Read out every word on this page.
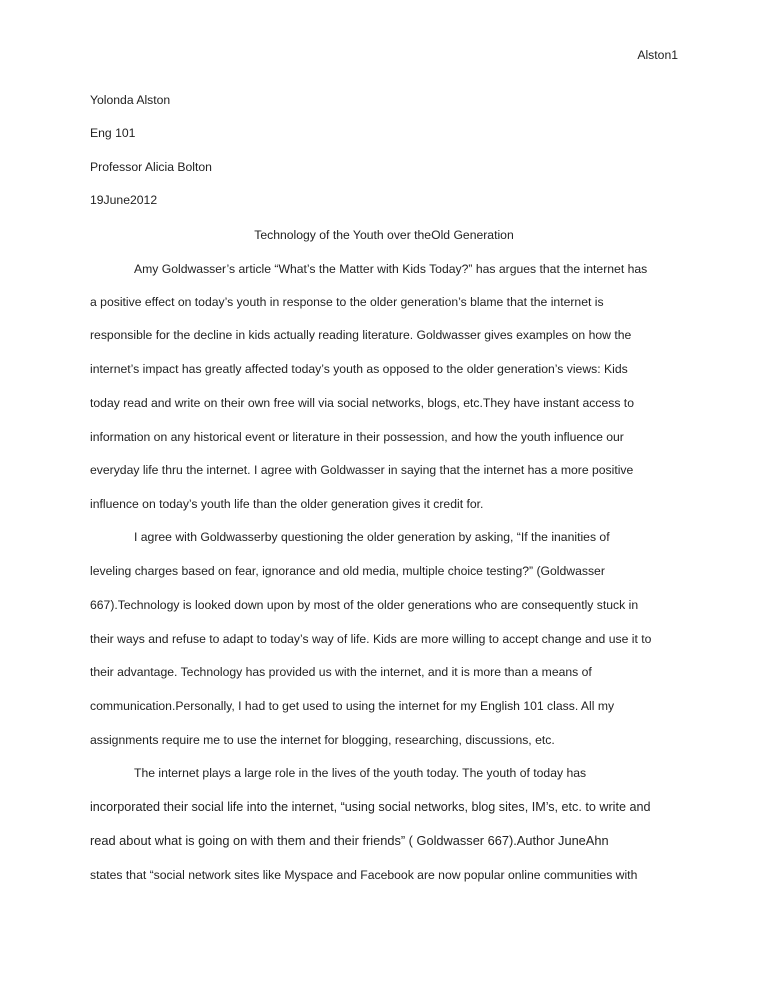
Alston1
Yolonda Alston
Eng 101
Professor Alicia Bolton
19June2012
Technology of the Youth over theOld Generation
Amy Goldwasser’s article “What’s the Matter with Kids Today?” has argues that the internet has
a positive effect on today’s youth in response to the older generation’s blame that the internet is
responsible for the decline in kids actually reading literature. Goldwasser gives examples on how the
internet’s impact has greatly affected today’s youth as opposed to the older generation’s views: Kids
today read and write on their own free will via social networks, blogs, etc.They have instant access to
information on any historical event or literature in their possession, and how the youth influence our
everyday life thru the internet. I agree with Goldwasser in saying that the internet has a more positive
influence on today’s youth life than the older generation gives it credit for.
I agree with Goldwasserby questioning the older generation by asking, “If the inanities of
leveling charges based on fear, ignorance and old media, multiple choice testing?” (Goldwasser
667).Technology is looked down upon by most of the older generations who are consequently stuck in
their ways and refuse to adapt to today’s way of life. Kids are more willing to accept change and use it to
their advantage. Technology has provided us with the internet, and it is more than a means of
communication.Personally, I had to get used to using the internet for my English 101 class. All my
assignments require me to use the internet for blogging, researching, discussions, etc.
The internet plays a large role in the lives of the youth today. The youth of today has
incorporated their social life into the internet, “using social networks, blog sites, IM’s, etc. to write and
read about what is going on with them and their friends” ( Goldwasser 667).Author JuneAhn
states that “social network sites like Myspace and Facebook are now popular online communities with
